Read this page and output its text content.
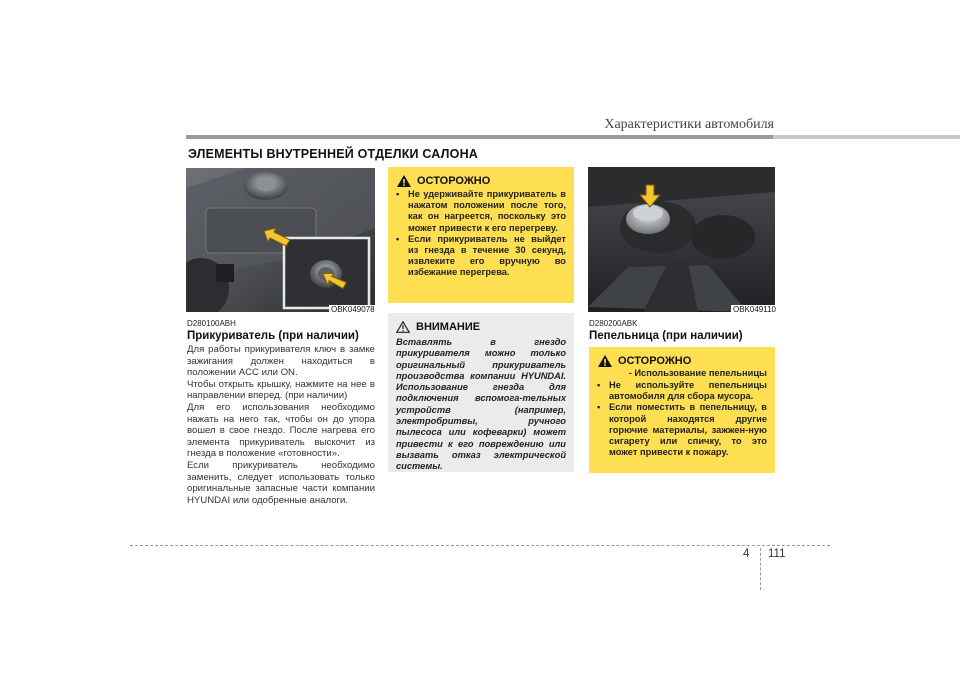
Характеристики автомобиля
ЭЛЕМЕНТЫ ВНУТРЕННЕЙ ОТДЕЛКИ САЛОНА
OBK049078
D280100ABH
Прикуриватель (при наличии)

Для работы прикуривателя ключ в замке зажигания должен находиться в положении ACC или ON.

Чтобы открыть крышку, нажмите на нее в направлении вперед. (при наличии)

Для его использования необходимо нажать на него так, чтобы он до упора вошел в свое гнездо. После нагрева его элемента прикуриватель выскочит из гнезда в положение «готовности».

Если прикуриватель необходимо заменить, следует использовать только оригинальные запасные части компании HYUNDAI или одобренные аналоги.

ОСТОРОЖНО
• Не удерживайте прикуриватель в нажатом положении после того, как он нагреется, поскольку это может привести к его перегреву.
• Если прикуриватель не выйдет из гнезда в течение 30 секунд, извлеките его вручную во избежание перегрева.
ВНИМАНИЕ
Вставлять в гнездо прикуривателя можно только оригинальный прикуриватель производства компании HYUNDAI. Использование гнезда для подключения вспомога-тельных устройств (например, электробритвы, ручного пылесоса или кофеварки) может привести к его повреждению или вызвать отказ электрической системы.
OBK049110
D280200ABK
Пепельница (при наличии)
ОСТОРОЖНО
- Использование пепельницы
• Не используйте пепельницы автомобиля для сбора мусора.
• Если поместить в пепельницу, в которой находятся другие горючие материалы, зажжен-ную сигарету или спичку, то это может привести к пожару.
4 111
